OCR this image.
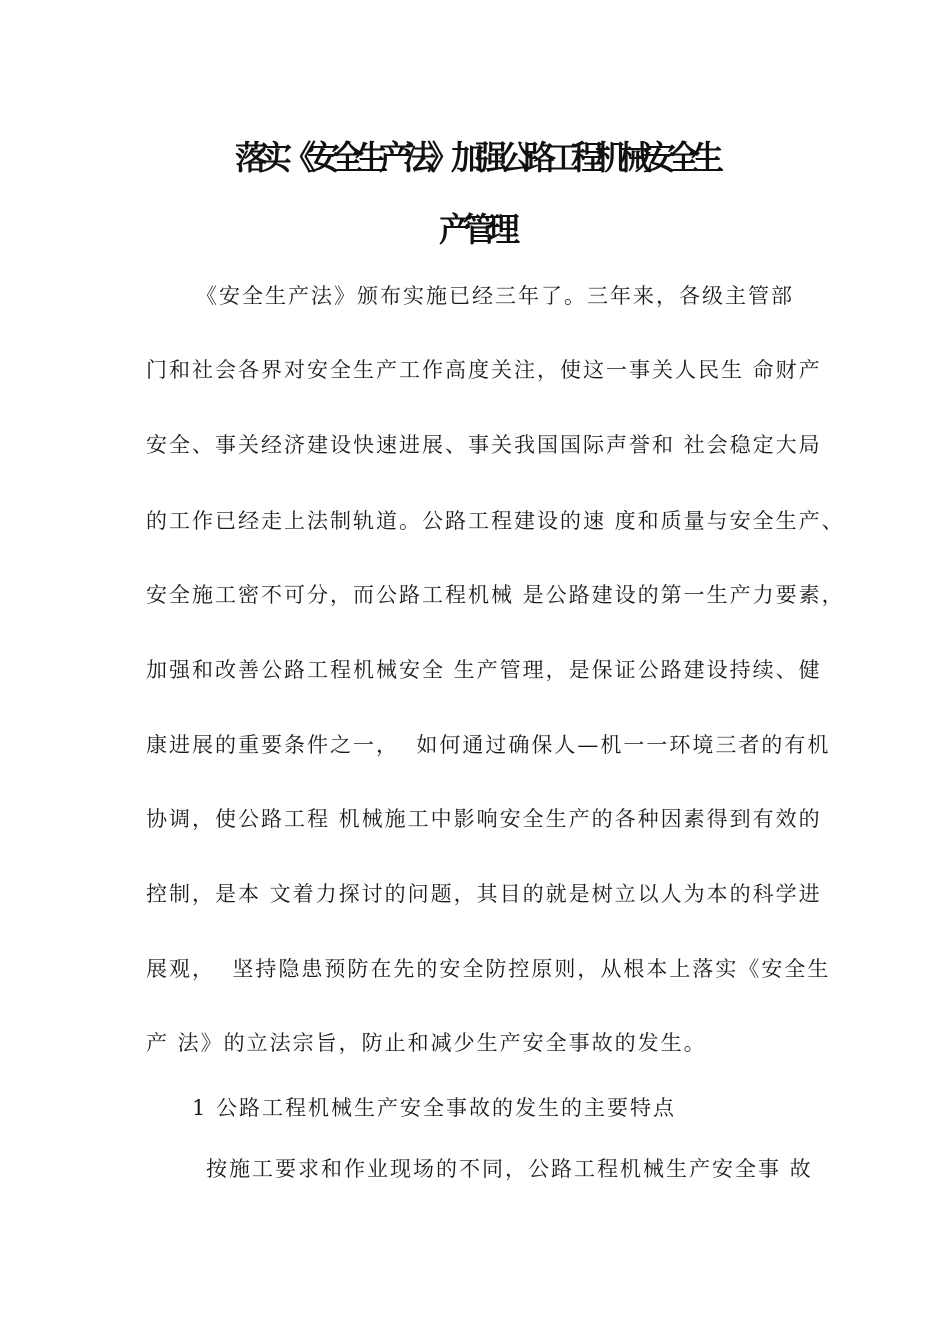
落实《安全生产法》加强公路工程机械安全生
产管理
《安全生产法》颁布实施已经三年了。三年来，各级主管部
门和社会各界对安全生产工作高度关注，使这一事关人民生 命财产
安全、事关经济建设快速进展、事关我国国际声誉和 社会稳定大局
的工作已经走上法制轨道。公路工程建设的速 度和质量与安全生产、
安全施工密不可分，而公路工程机械 是公路建设的第一生产力要素，
加强和改善公路工程机械安全 生产管理，是保证公路建设持续、健
康进展的重要条件之一，  如何通过确保人—机一一环境三者的有机
协调，使公路工程 机械施工中影响安全生产的各种因素得到有效的
控制，是本 文着力探讨的问题，其目的就是树立以人为本的科学进
展观，  坚持隐患预防在先的安全防控原则，从根本上落实《安全生
产 法》的立法宗旨，防止和减少生产安全事故的发生。
1 公路工程机械生产安全事故的发生的主要特点
按施工要求和作业现场的不同，公路工程机械生产安全事 故
